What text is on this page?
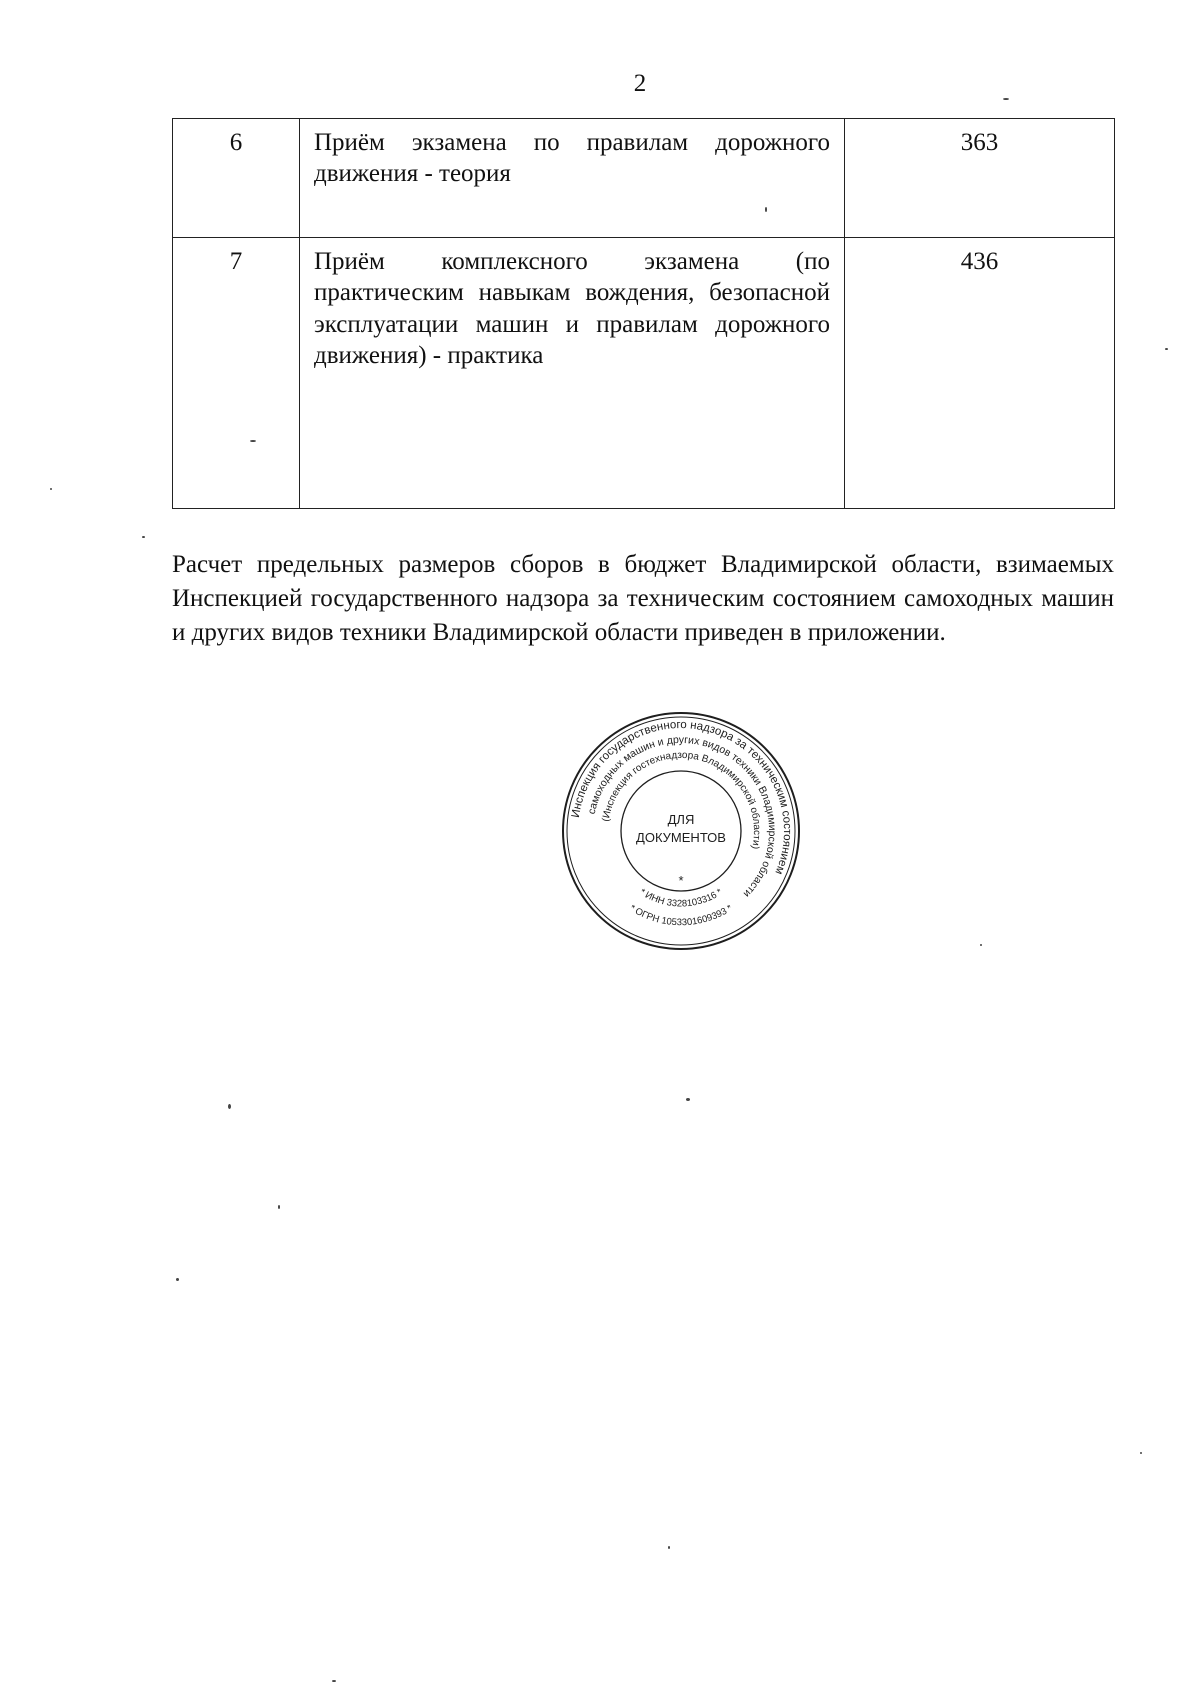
2
6	Приём экзамена по правилам дорожного движения - теория	363
7	Приём комплексного экзамена (по практическим навыкам вождения, безопасной эксплуатации машин и правилам дорожного движения) - практика	436

Расчет предельных размеров сборов в бюджет Владимирской области, взимаемых Инспекцией государственного надзора за техническим состоянием самоходных машин и других видов техники Владимирской области приведен в приложении.

Инспекция государственного надзора за техническим состоянием
самоходных машин и других видов техники Владимирской области
(Инспекция гостехнадзора Владимирской области)
* ИНН 3328103316 *
* ОГРН 1053301609393 *
ДЛЯ
ДОКУМЕНТОВ
*
